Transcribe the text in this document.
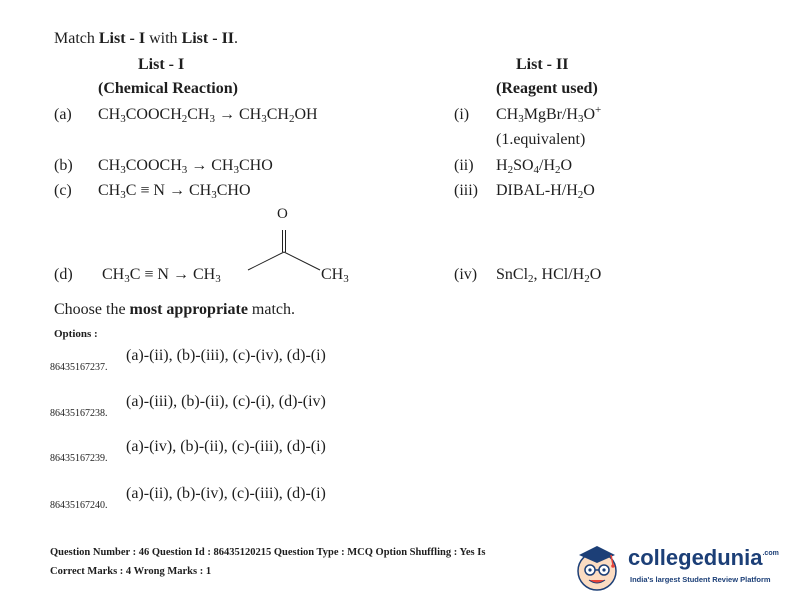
Match List - I with List - II.
List - I
(Chemical Reaction)
List - II
(Reagent used)
(a) $CH_3COOCH_2CH_3 \to CH_3CH_2OH$
(b) $CH_3COOCH_3 \to CH_3CHO$
(c) $CH_3C \equiv N \to CH_3CHO$
(d) $CH_3C \equiv N \to CH_3$
O
$CH_3$
(i) $CH_3MgBr/H_3O^+$
(1.equivalent)
(ii) $H_2SO_4/H_2O$
(iii) DIBAL-$H/H_2O$
(iv) SnCl$_2$, HCl/$H_2O$
Choose the most appropriate match.
Options :
86435167237.
(a)-(ii), (b)-(iii), (c)-(iv), (d)-(i)
86435167238.
(a)-(iii), (b)-(ii), (c)-(i), (d)-(iv)
86435167239.
(a)-(iv), (b)-(ii), (c)-(iii), (d)-(i)
86435167240.
(a)-(ii), (b)-(iv), (c)-(iii), (d)-(i)
Question Number : 46 Question Id : 86435120215 Question Type : MCQ Option Shuffling : Yes Is
Correct Marks : 4 Wrong Marks : 1
collegedunia$^{.com}$
India's largest Student Review Platform
